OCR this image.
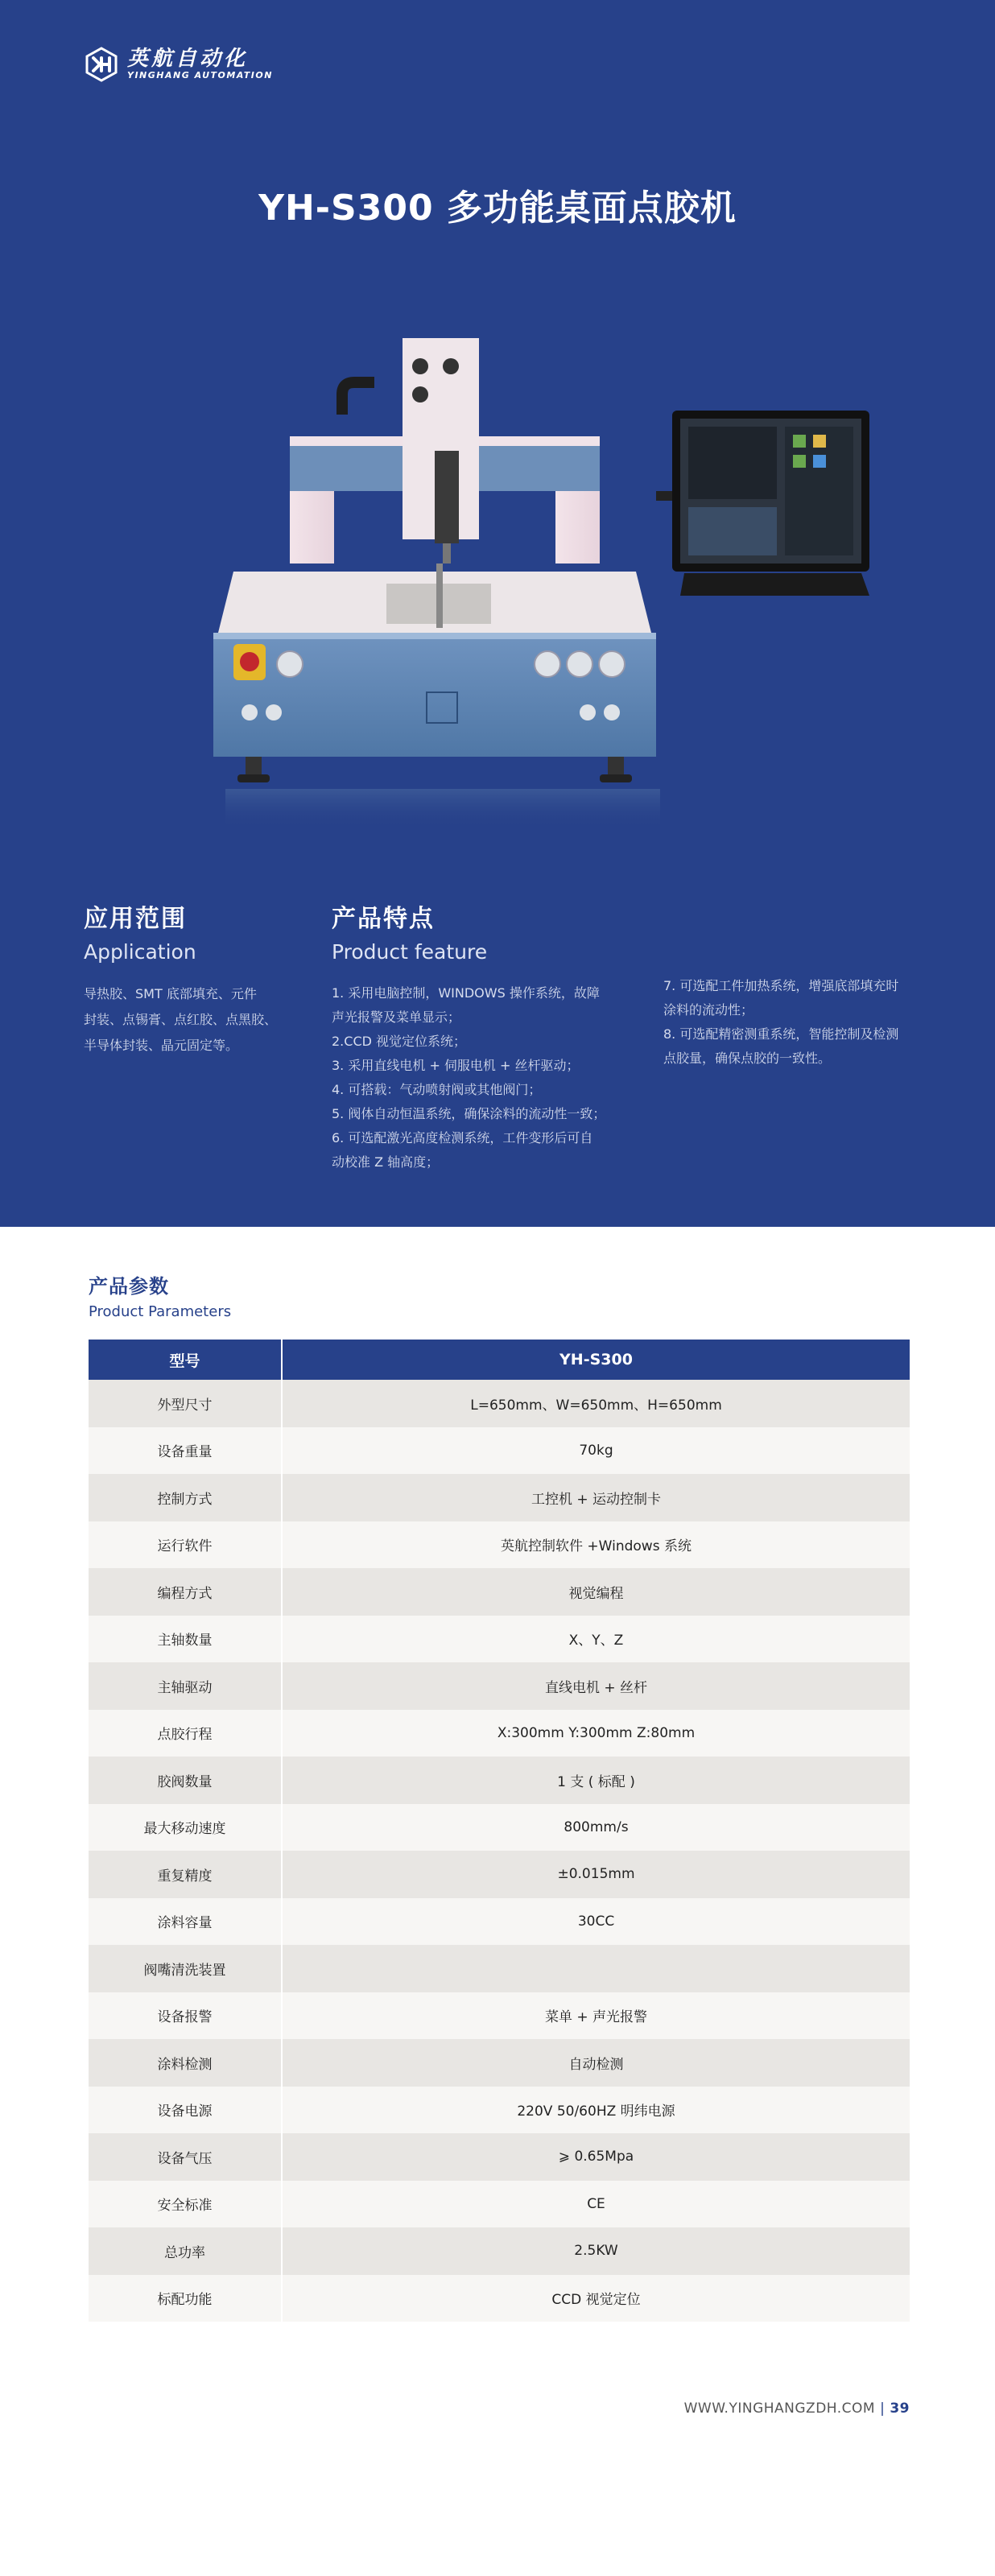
英航自动化
YINGHANG AUTOMATION
YH-S300 多功能桌面点胶机
应用范围
Application
导热胶、SMT 底部填充、元件
封装、点锡膏、点红胶、点黑胶、
半导体封装、晶元固定等。
产品特点
Product feature
1. 采用电脑控制，WINDOWS 操作系统，故障
声光报警及菜单显示；
2.CCD 视觉定位系统；
3. 采用直线电机 + 伺服电机 + 丝杆驱动；
4. 可搭载：气动喷射阀或其他阀门；
5. 阀体自动恒温系统，确保涂料的流动性一致；
6. 可选配激光高度检测系统，工件变形后可自
动校准 Z 轴高度；
7. 可选配工件加热系统，增强底部填充时
涂料的流动性；
8. 可选配精密测重系统，智能控制及检测
点胶量，确保点胶的一致性。
产品参数
Product Parameters
型号	YH-S300
外型尺寸	L=650mm、W=650mm、H=650mm
设备重量	70kg
控制方式	工控机 + 运动控制卡
运行软件	英航控制软件 +Windows 系统
编程方式	视觉编程
主轴数量	X、Y、Z
主轴驱动	直线电机 + 丝杆
点胶行程	X:300mm Y:300mm Z:80mm
胶阀数量	1 支 ( 标配 )
最大移动速度	800mm/s
重复精度	±0.015mm
涂料容量	30CC
阀嘴清洗装置	
设备报警	菜单 + 声光报警
涂料检测	自动检测
设备电源	220V 50/60HZ 明纬电源
设备气压	⩾ 0.65Mpa
安全标准	CE
总功率	2.5KW
标配功能	CCD 视觉定位
WWW.YINGHANGZDH.COM | 39
